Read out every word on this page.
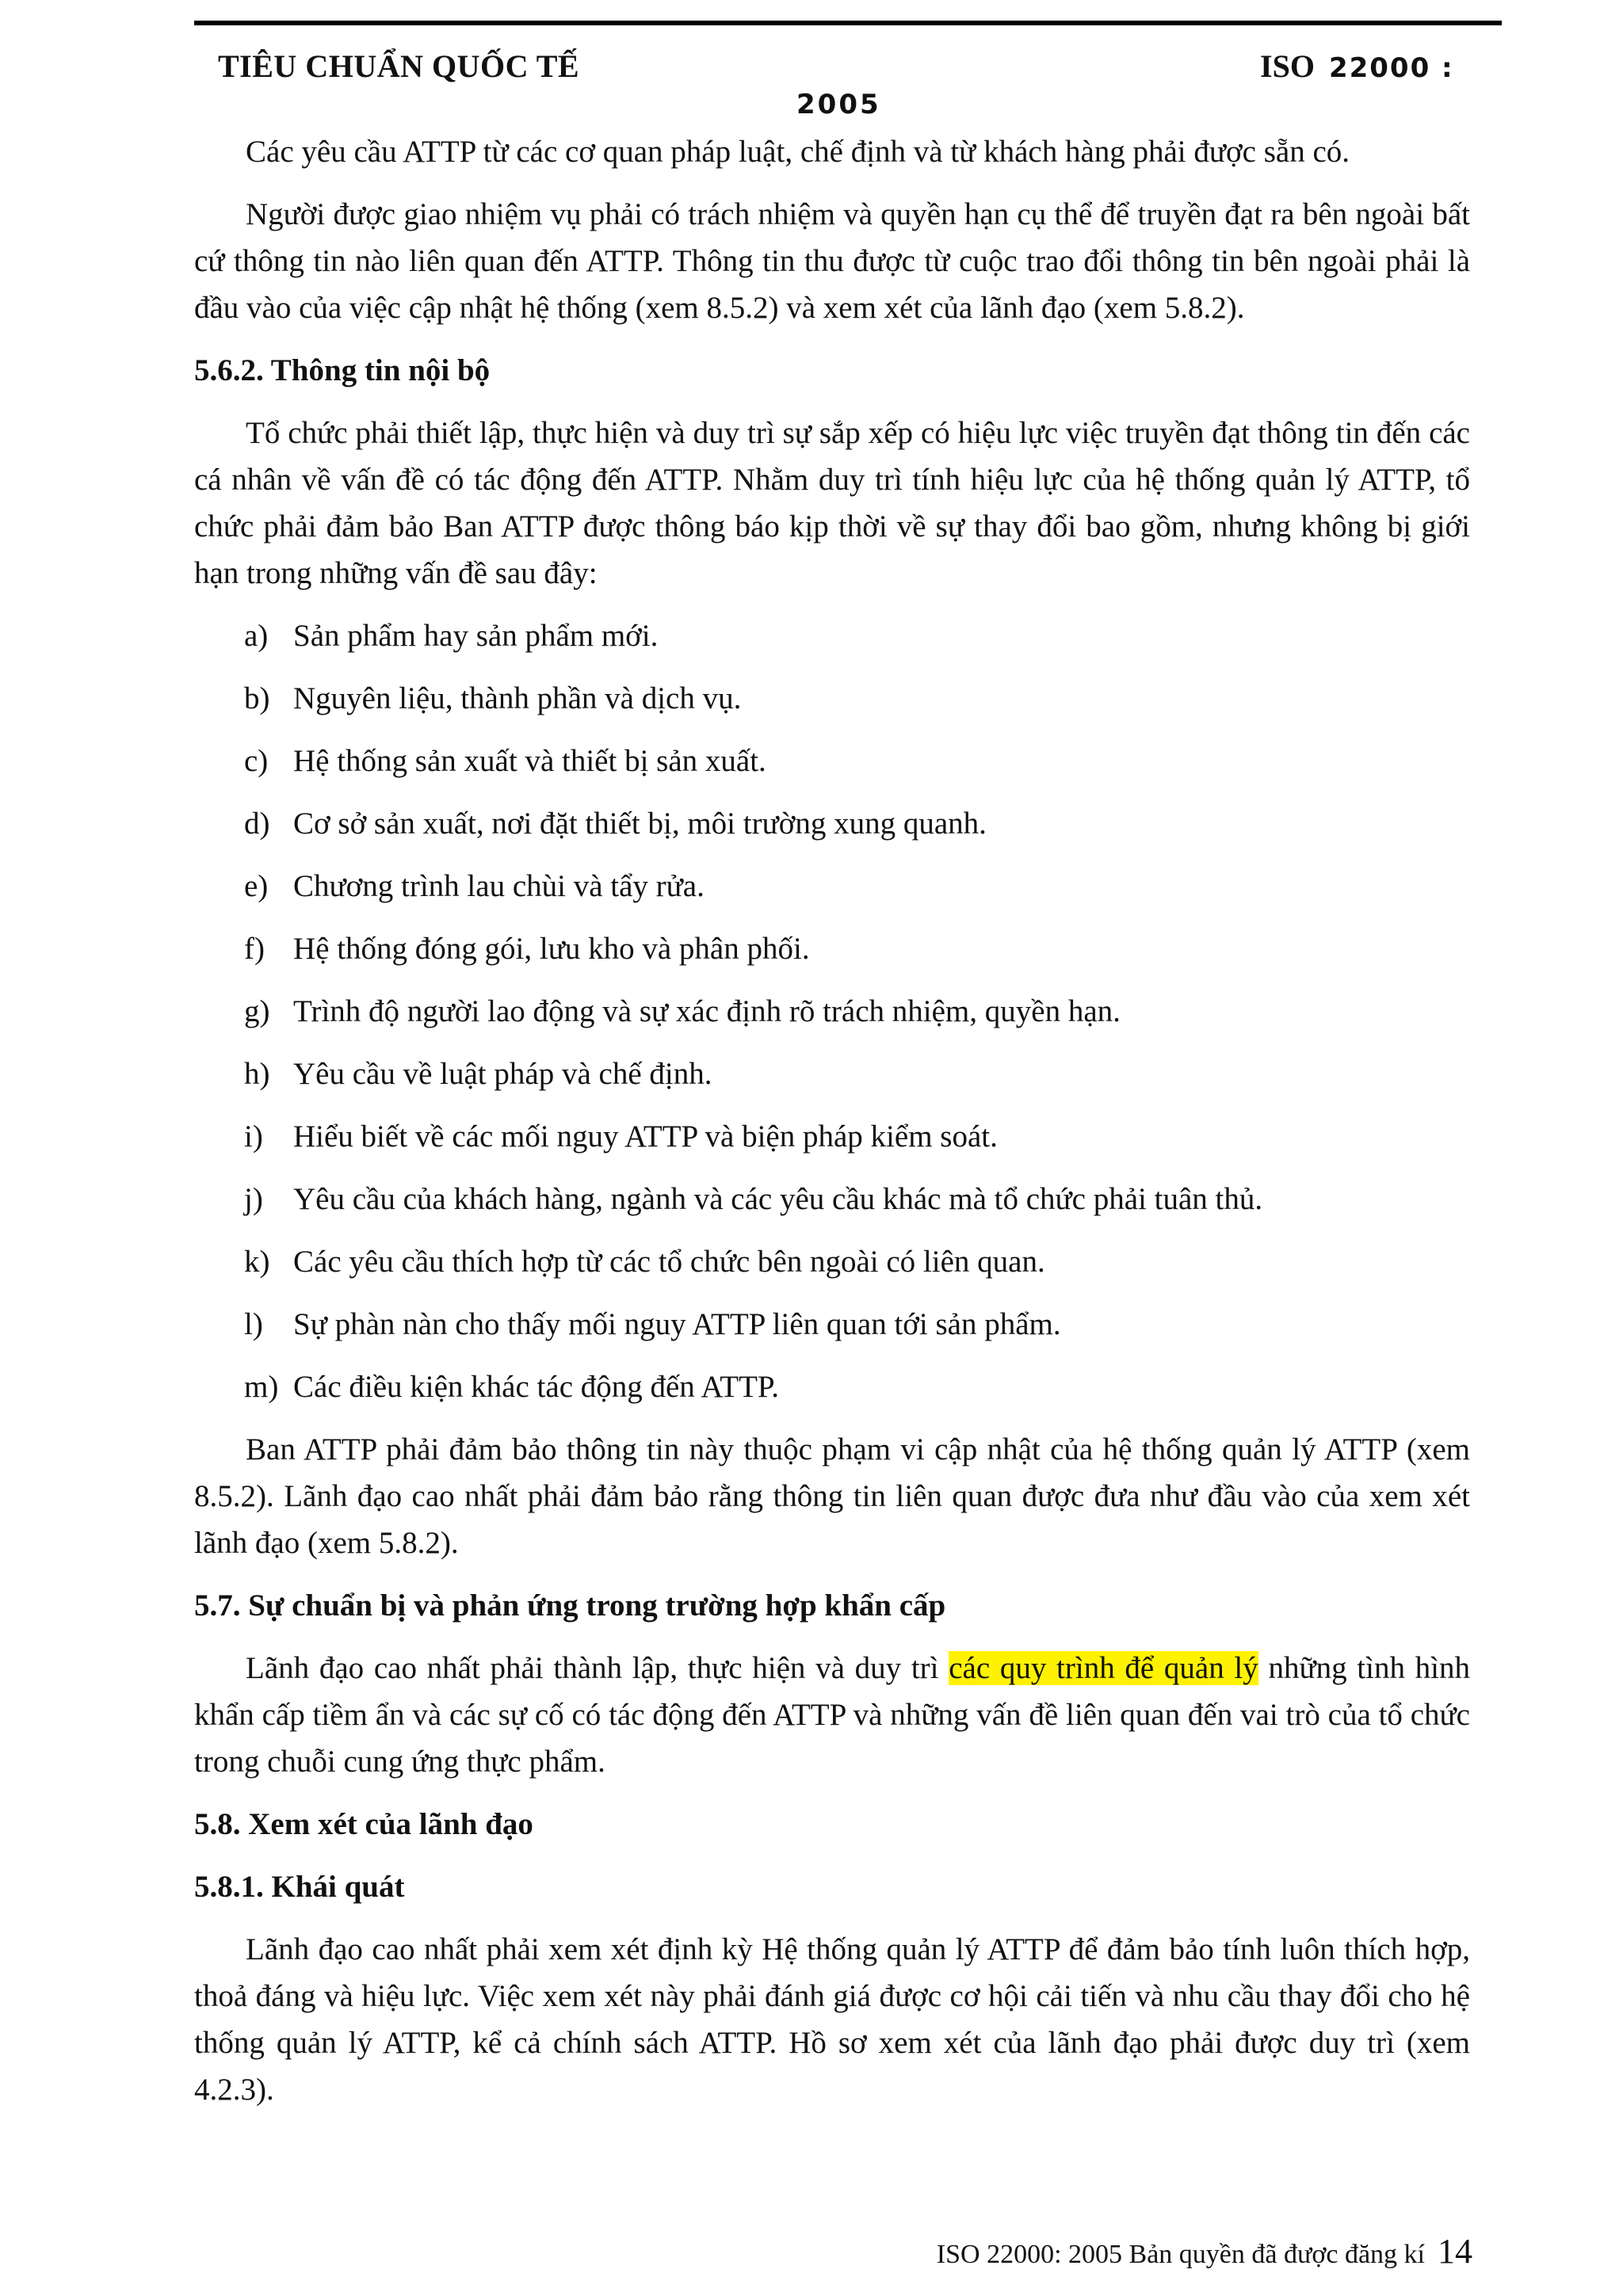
TIÊU CHUẨN QUỐC TẾ	ISO 22000 :
2005

Các yêu cầu ATTP từ các cơ quan pháp luật, chế định và từ khách hàng phải được sẵn có.

Người được giao nhiệm vụ phải có trách nhiệm và quyền hạn cụ thể để truyền đạt ra bên ngoài bất cứ thông tin nào liên quan đến ATTP. Thông tin thu được từ cuộc trao đổi thông tin bên ngoài phải là đầu vào của việc cập nhật hệ thống (xem 8.5.2) và xem xét của lãnh đạo (xem 5.8.2).

5.6.2. Thông tin nội bộ

Tổ chức phải thiết lập, thực hiện và duy trì sự sắp xếp có hiệu lực việc truyền đạt thông tin đến các cá nhân về vấn đề có tác động đến ATTP. Nhằm duy trì tính hiệu lực của hệ thống quản lý ATTP, tổ chức phải đảm bảo Ban ATTP được thông báo kịp thời về sự thay đổi bao gồm, nhưng không bị giới hạn trong những vấn đề sau đây:

a) Sản phẩm hay sản phẩm mới.
b) Nguyên liệu, thành phần và dịch vụ.
c) Hệ thống sản xuất và thiết bị sản xuất.
d) Cơ sở sản xuất, nơi đặt thiết bị, môi trường xung quanh.
e) Chương trình lau chùi và tẩy rửa.
f) Hệ thống đóng gói, lưu kho và phân phối.
g) Trình độ người lao động và sự xác định rõ trách nhiệm, quyền hạn.
h) Yêu cầu về luật pháp và chế định.
i) Hiểu biết về các mối nguy ATTP và biện pháp kiểm soát.
j) Yêu cầu của khách hàng, ngành và các yêu cầu khác mà tổ chức phải tuân thủ.
k) Các yêu cầu thích hợp từ các tổ chức bên ngoài có liên quan.
l) Sự phàn nàn cho thấy mối nguy ATTP liên quan tới sản phẩm.
m) Các điều kiện khác tác động đến ATTP.

Ban ATTP phải đảm bảo thông tin này thuộc phạm vi cập nhật của hệ thống quản lý ATTP (xem 8.5.2). Lãnh đạo cao nhất phải đảm bảo rằng thông tin liên quan được đưa như đầu vào của xem xét lãnh đạo (xem 5.8.2).

5.7. Sự chuẩn bị và phản ứng trong trường hợp khẩn cấp

Lãnh đạo cao nhất phải thành lập, thực hiện và duy trì các quy trình để quản lý những tình hình khẩn cấp tiềm ẩn và các sự cố có tác động đến ATTP và những vấn đề liên quan đến vai trò của tổ chức trong chuỗi cung ứng thực phẩm.

5.8. Xem xét của lãnh đạo

5.8.1. Khái quát

Lãnh đạo cao nhất phải xem xét định kỳ Hệ thống quản lý ATTP để đảm bảo tính luôn thích hợp, thoả đáng và hiệu lực. Việc xem xét này phải đánh giá được cơ hội cải tiến và nhu cầu thay đổi cho hệ thống quản lý ATTP, kể cả chính sách ATTP. Hồ sơ xem xét của lãnh đạo phải được duy trì (xem 4.2.3).

ISO 22000: 2005 Bản quyền đã được đăng kí 14
